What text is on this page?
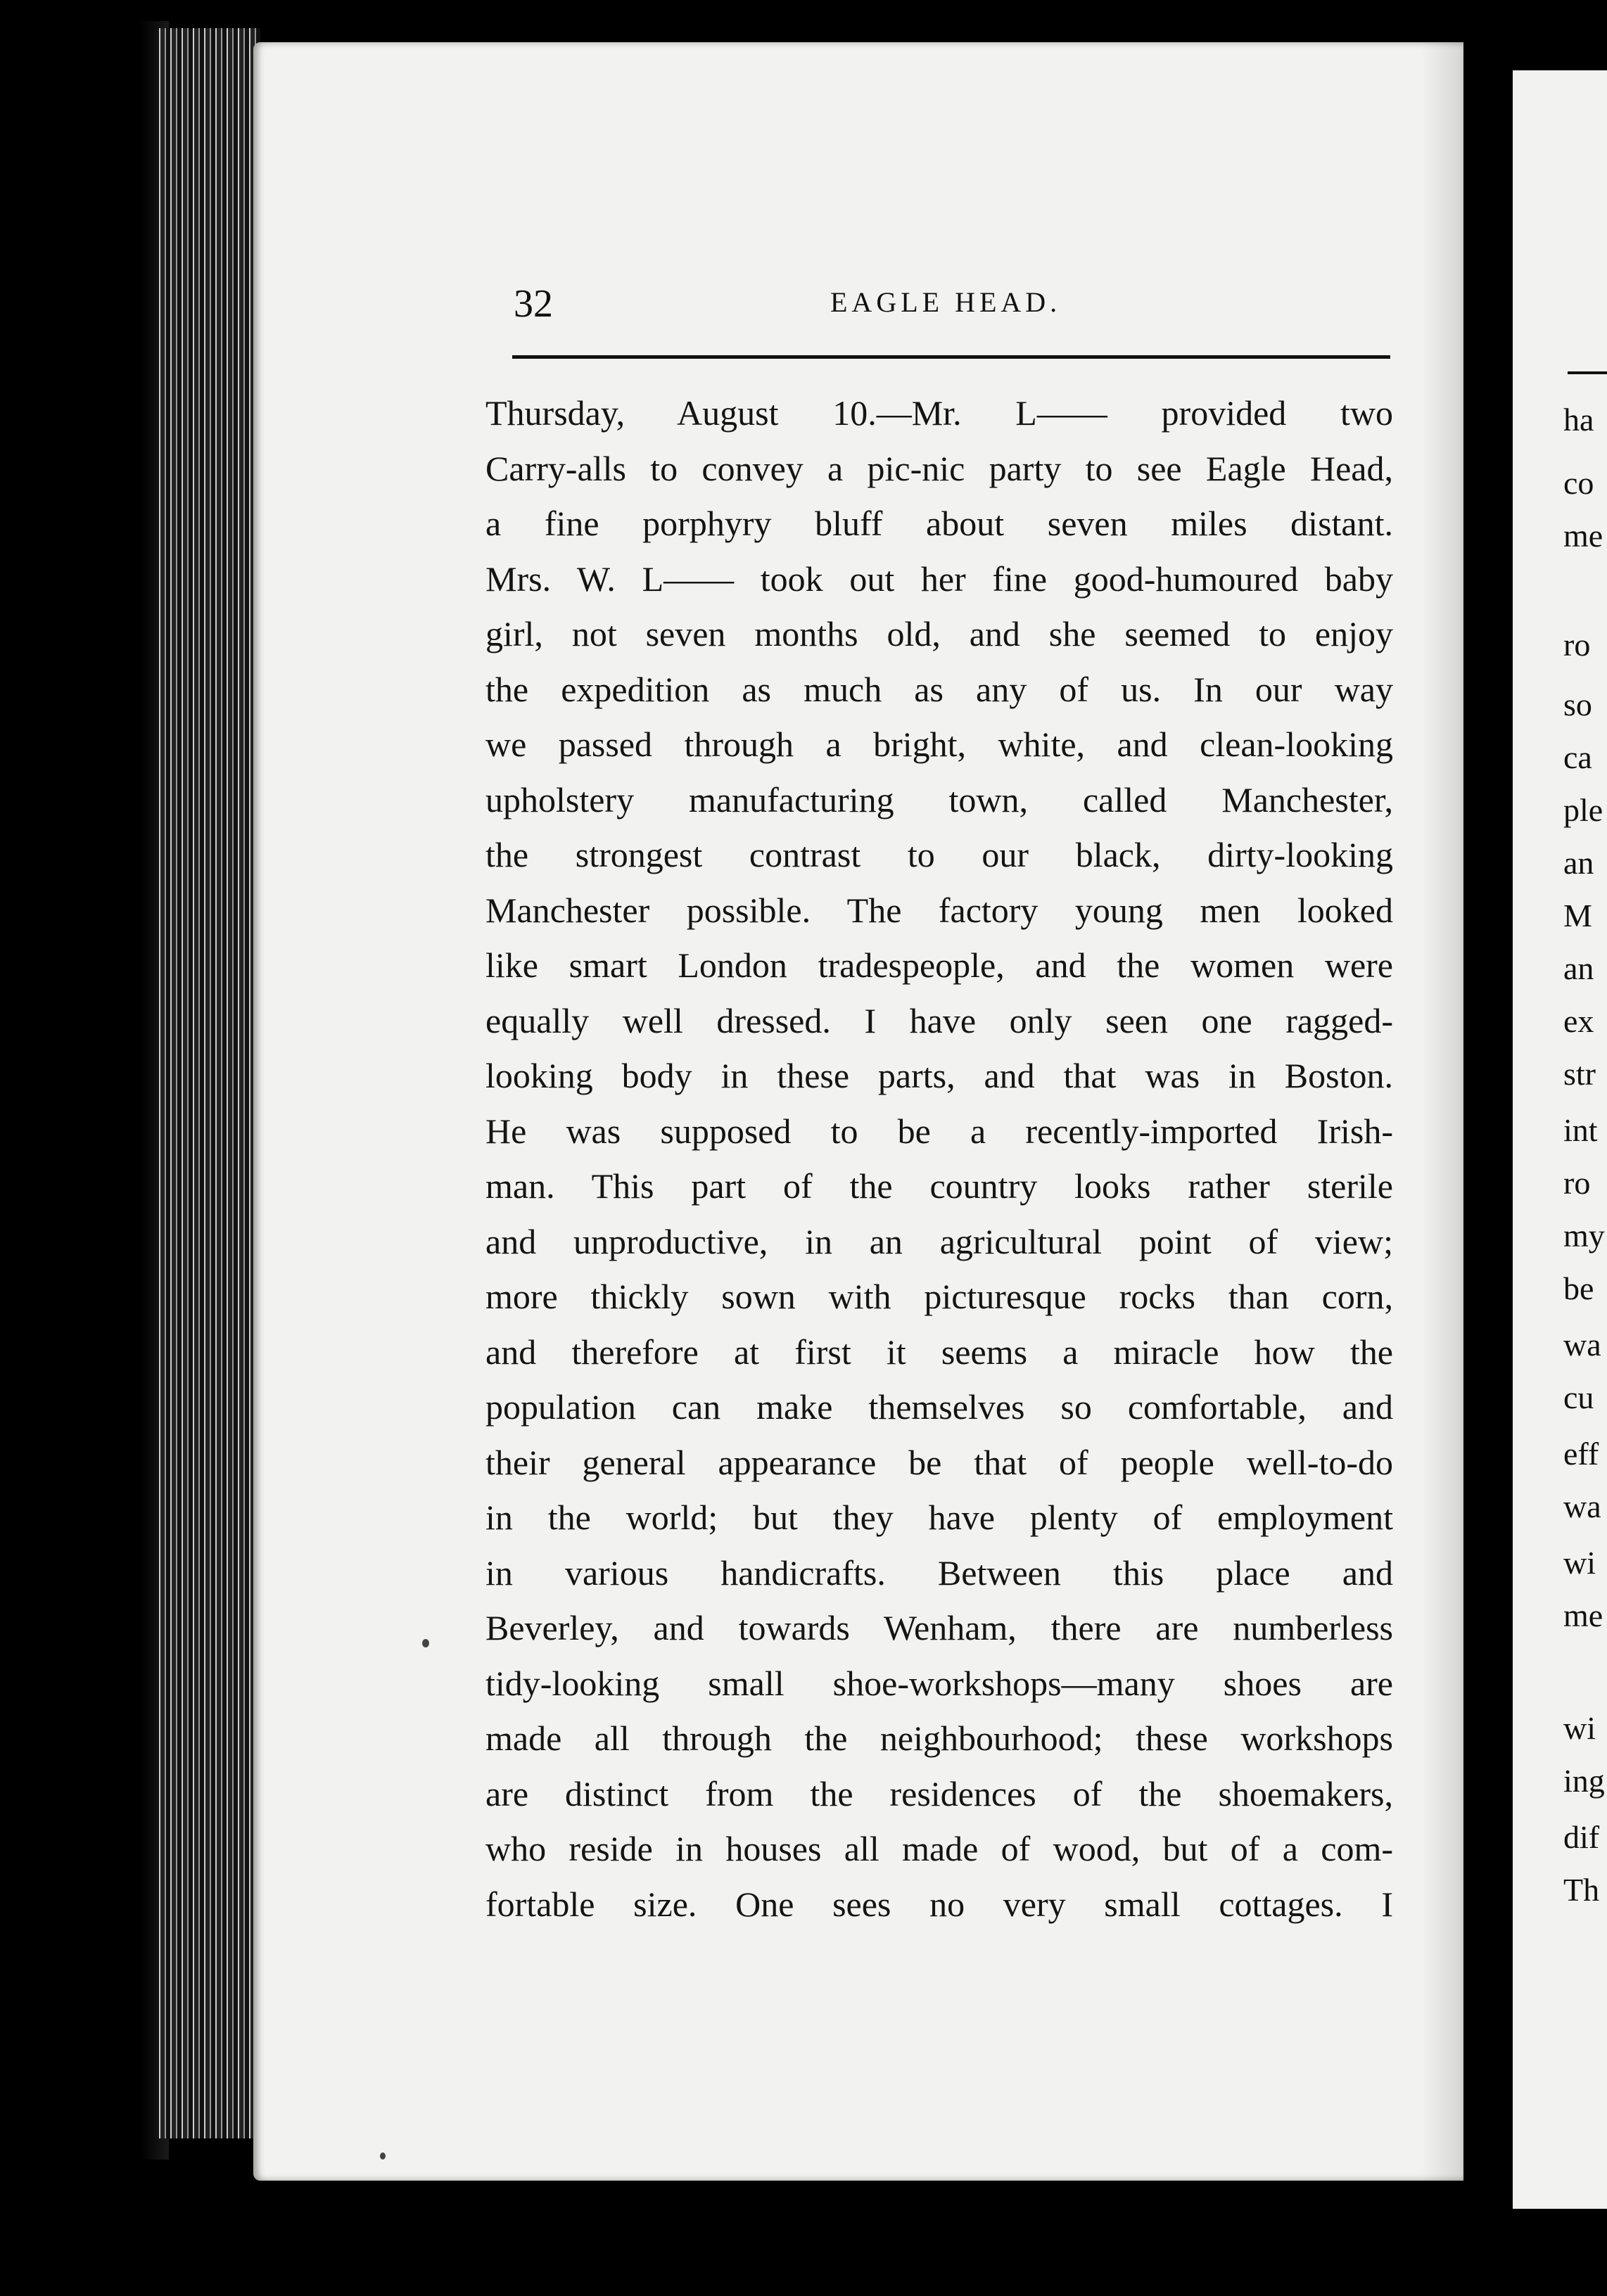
32	EAGLE HEAD.
Thursday, August 10.—Mr. L—— provided two
Carry-alls to convey a pic-nic party to see Eagle Head,
a fine porphyry bluff about seven miles distant.
Mrs. W. L—— took out her fine good-humoured baby
girl, not seven months old, and she seemed to enjoy
the expedition as much as any of us. In our way
we passed through a bright, white, and clean-looking
upholstery manufacturing town, called Manchester,
the strongest contrast to our black, dirty-looking
Manchester possible. The factory young men looked
like smart London tradespeople, and the women were
equally well dressed. I have only seen one ragged-
looking body in these parts, and that was in Boston.
He was supposed to be a recently-imported Irish-
man. This part of the country looks rather sterile
and unproductive, in an agricultural point of view;
more thickly sown with picturesque rocks than corn,
and therefore at first it seems a miracle how the
population can make themselves so comfortable, and
their general appearance be that of people well-to-do
in the world; but they have plenty of employment
in various handicrafts. Between this place and
Beverley, and towards Wenham, there are numberless
tidy-looking small shoe-workshops—many shoes are
made all through the neighbourhood; these workshops
are distinct from the residences of the shoemakers,
who reside in houses all made of wood, but of a com-
fortable size. One sees no very small cottages. I
ha
co
me
ro
so
ca
ple
an
M
an
ex
str
int
ro
my
be
wa
cu
eff
wa
wi
me
wi
ing
dif
Th
